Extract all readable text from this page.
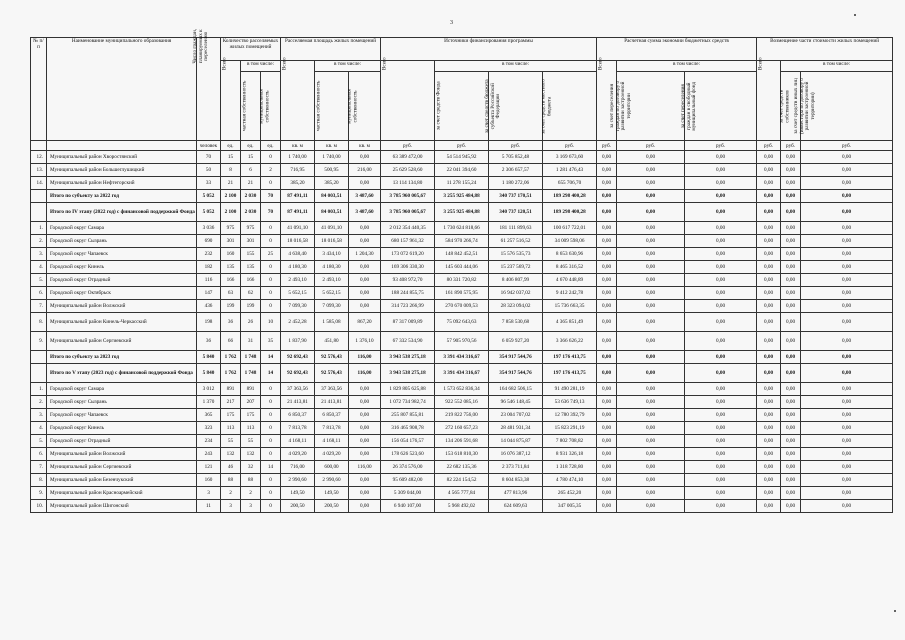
3
№ п/п	Наименование муниципального образования	Число граждан, планируемых к переселению	Количество расселяемых жилых помещений			Расселяемая площадь жилых помещений			Источники финансирования программы				Расчетная сумма экономии бюджетных средств			Возмещение части стоимости жилых помещений		

			Всего	в том числе:		Всего	в том числе:		Всего	в том числе:			Всего	в том числе:		Всего	в том числе:	

				частная собственность	муниципальная собственность		частная собственность	муниципальная собственность		за счет средств Фонда	за счет средств бюджета субъекта Российской Федерации	за счет средств местного бюджета		за счет переселения граждан по договору о развитии застроенной территории	за счет переселения граждан в свободный муниципальный фонд		за счет средств собственников	за счет средств иных лиц (инвестора по договору о развитии застроенной территории)

		человек	ед.	ед.	ед.	кв. м	кв. м	кв. м	руб.	руб.	руб.	руб.	руб.	руб.	руб.	руб.	руб.	руб.
12.	Муниципальный район Хворостянский	70	15	15	0	1 740,00	1 740,00	0,00	63 389 472,00	54 514 945,92	5 705 852,48	3 169 673,60	0,00	0,00	0,00	0,00	0,00	0,00
13.	Муниципальный район Большеглушицкий	50	8	6	2	716,95	500,95	216,00	25 629 528,60	22 041 394,60	2 306 657,57	1 281 476,43	0,00	0,00	0,00	0,00	0,00	0,00
14.	Муниципальный район Нефтегорский	33	21	21	0	385,20	385,20	0,00	13 114 134,80	11 278 155,24	1 180 272,06	655 706,70	0,00	0,00	0,00	0,00	0,00	0,00
	Итого по субъекту за 2022 год	5 052	2 100	2 030	70	87 491,11	84 003,51	3 487,60	3 785 960 005,67	3 255 925 484,88	340 737 170,51	189 298 400,28	0,00	0,00	0,00	0,00	0,00	0,00
	Итого по IV этапу (2022 год) с финансовой поддержкой Фонда	5 052	2 100	2 030	70	87 491,11	84 003,51	3 487,60	3 785 960 005,67	3 255 925 484,88	340 737 120,51	189 298 400,28	0,00	0,00	0,00	0,00	0,00	0,00
1.	Городской округ Самара	3 036	975	975	0	41 091,10	41 091,10	0,00	2 012 354 440,35	1 730 624 818,66	181 111 899,63	100 617 722,01	0,00	0,00	0,00	0,00	0,00	0,00
2.	Городской округ Сызрань	690	301	301	0	18 016,58	18 016,58	0,00	680 157 961,32	584 970 266,74	61 257 516,52	34 009 598,06	0,00	0,00	0,00	0,00	0,00	0,00
3.	Городской округ Чапаевск	232	160	155	25	4 638,40	3 434,10	1 204,30	173 072 619,20	148 842 452,51	15 576 535,73	8 653 630,96	0,00	0,00	0,00	0,00	0,00	0,00
4.	Городской округ Кинель	182	135	135	0	4 180,30	4 180,30	0,00	169 306 330,30	145 603 444,06	15 237 569,72	8 465 316,52	0,00	0,00	0,00	0,00	0,00	0,00
5.	Городской округ Отрадный	116	166	166	0	2 493,10	2 493,10	0,00	93 408 972,70	80 331 720,82	8 406 807,99	4 670 448,89	0,00	0,00	0,00	0,00	0,00	0,00
6.	Городской округ Октябрьск	147	63	62	0	5 652,15	5 652,15	0,00	188 244 855,75	161 890 575,95	16 942 037,02	9 412 242,78	0,00	0,00	0,00	0,00	0,00	0,00
7.	Муниципальный район Волжский	436	199	199	0	7 099,30	7 099,30	0,00	314 723 266,99	270 670 009,53	28 323 094,02	15 736 663,35	0,00	0,00	0,00	0,00	0,00	0,00
8.	Муниципальный район Кинель-Черкасский	198	36	26	10	2 452,28	1 585,08	867,20	87 317 009,89	75 092 643,63	7 858 530,68	4 365 851,49	0,00	0,00	0,00	0,00	0,00	0,00
9.	Муниципальный район Сергиевский	36	66	31	35	1 837,90	451,80	1 376,10	67 332 534,90	57 905 970,56	6 059 927,20	3 366 626,22	0,00	0,00	0,00	0,00	0,00	0,00
	Итого по субъекту за 2023 год	5 840	1 762	1 748	14	92 692,43	92 576,43	116,00	3 943 538 275,18	3 391 434 316,67	354 917 544,76	197 176 413,75	0,00	0,00	0,00	0,00	0,00	0,00
	Итого по V этапу (2023 год) с финансовой поддержкой Фонда	5 840	1 762	1 748	14	92 692,43	92 576,43	116,00	3 943 538 275,18	3 391 434 316,67	354 917 544,76	197 176 413,75	0,00	0,00	0,00	0,00	0,00	0,00
1.	Городской округ Самара	3 012	891	891	0	37 363,56	37 363,56	0,00	1 829 805 625,88	1 573 652 836,34	164 682 506,15	91 490 281,19	0,00	0,00	0,00	0,00	0,00	0,00
2.	Городской округ Сызрань	1 370	217	207	0	21 413,81	21 413,81	0,00	1 072 734 982,74	922 552 085,16	96 546 148,45	53 636 749,13	0,00	0,00	0,00	0,00	0,00	0,00
3.	Городской округ Чапаевск	365	175	175	0	6 850,37	6 850,37	0,00	255 807 855,81	219 822 756,00	23 004 707,02	12 780 392,79	0,00	0,00	0,00	0,00	0,00	0,00
4.	Городской округ Кинель	323	113	113	0	7 813,78	7 813,78	0,00	316 465 908,78	272 160 657,23	28 481 931,34	15 823 291,19	0,00	0,00	0,00	0,00	0,00	0,00
5.	Городской округ Отрадный	234	55	55	0	4 168,11	4 168,11	0,00	156 054 176,57	134 206 591,68	14 044 875,87	7 802 708,82	0,00	0,00	0,00	0,00	0,00	0,00
6.	Муниципальный район Волжский	243	132	132	0	4 029,20	4 029,20	0,00	178 626 523,60	153 618 810,30	16 076 387,12	8 931 326,18	0,00	0,00	0,00	0,00	0,00	0,00
7.	Муниципальный район Сергиевский	121	46	32	14	716,00	600,00	116,00	26 374 576,00	22 682 135,36	2 373 711,84	1 318 728,80	0,00	0,00	0,00	0,00	0,00	0,00
8.	Муниципальный район Безенчукский	160	88	88	0	2 990,60	2 990,60	0,00	95 609 482,00	82 224 154,52	8 604 853,38	4 780 474,10	0,00	0,00	0,00	0,00	0,00	0,00
9.	Муниципальный район Красноармейский	3	2	2	0	149,50	149,50	0,00	5 309 044,00	4 565 777,84	477 813,96	265 452,20	0,00	0,00	0,00	0,00	0,00	0,00
10.	Муниципальный район Шигонский	11	3	3	0	200,50	200,50	0,00	6 940 107,00	5 968 492,02	624 609,63	347 005,35	0,00	0,00	0,00	0,00	0,00	0,00
